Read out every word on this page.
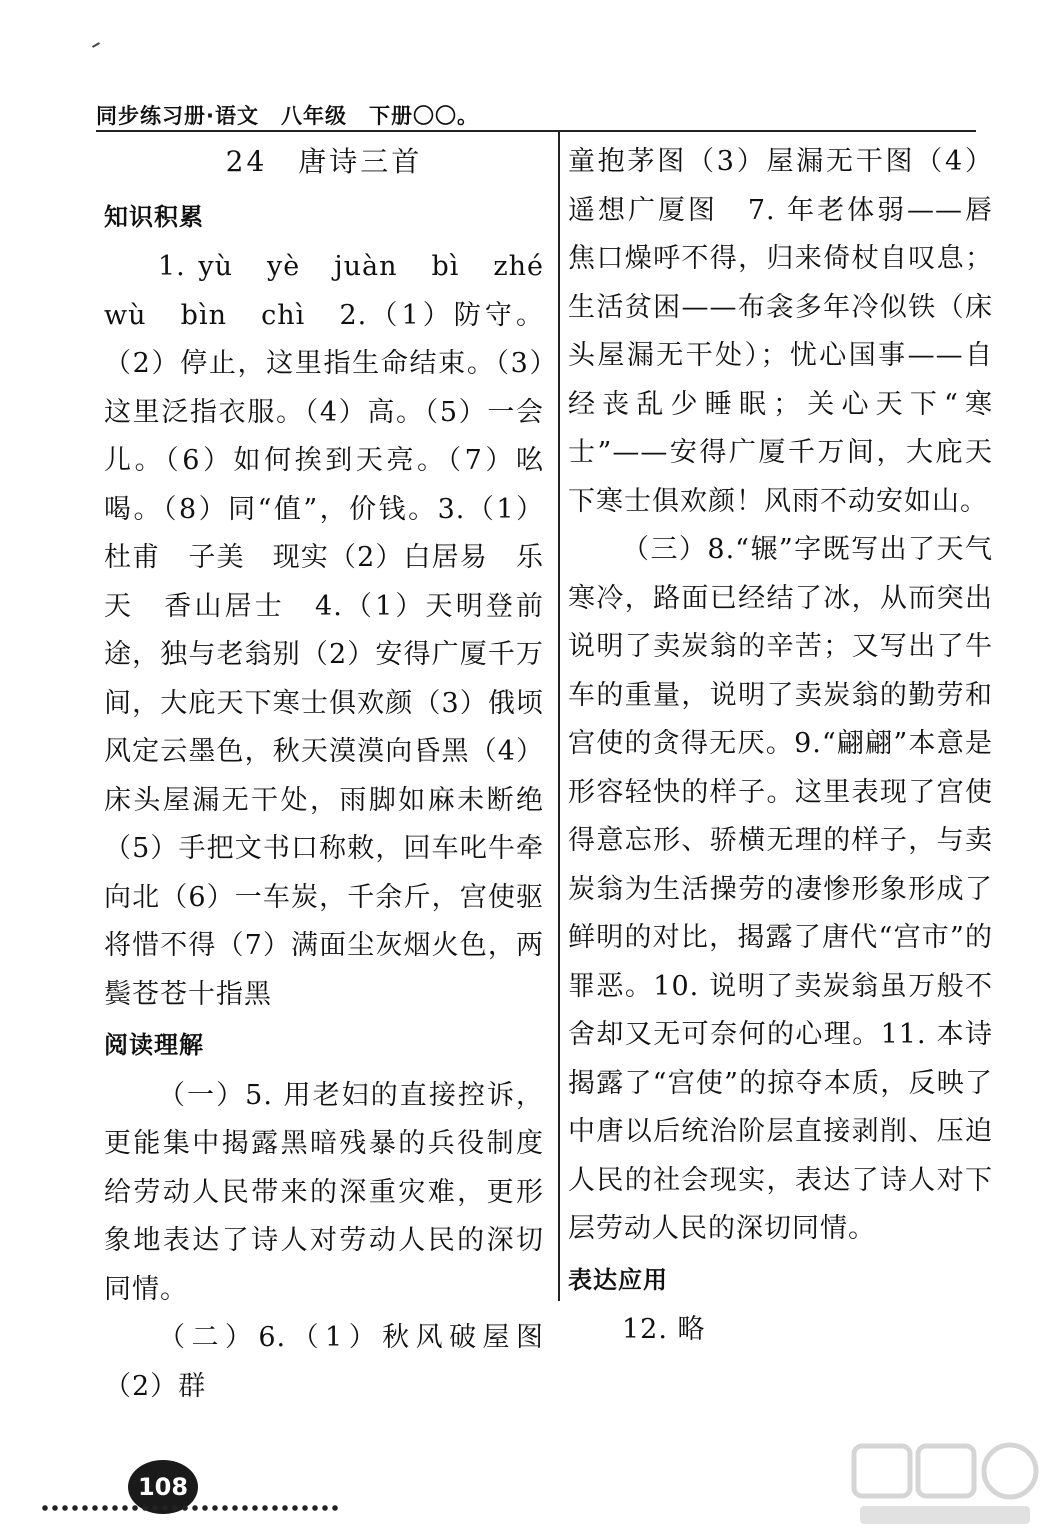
同步练习册·语文　八年级　下册〇〇。
24　唐诗三首
知识积累

1. yù　yè　juàn　bì　zhé　wù　bìn　chì　2.（1）防守。（2）停止，这里指生命结束。（3）这里泛指衣服。（4）高。（5）一会儿。（6）如何挨到天亮。（7）吆喝。（8）同“值”，价钱。3.（1）杜甫　子美　现实（2）白居易　乐天　香山居士　4.（1）天明登前途，独与老翁别（2）安得广厦千万间，大庇天下寒士俱欢颜（3）俄顷风定云墨色，秋天漠漠向昏黑（4）床头屋漏无干处，雨脚如麻未断绝（5）手把文书口称敕，回车叱牛牵向北（6）一车炭，千余斤，宫使驱将惜不得（7）满面尘灰烟火色，两鬓苍苍十指黑

阅读理解

（一）5. 用老妇的直接控诉，更能集中揭露黑暗残暴的兵役制度给劳动人民带来的深重灾难，更形象地表达了诗人对劳动人民的深切同情。

（二）6.（1）秋风破屋图（2）群

童抱茅图（3）屋漏无干图（4）遥想广厦图　7. 年老体弱——唇焦口燥呼不得，归来倚杖自叹息；生活贫困——布衾多年冷似铁（床头屋漏无干处）；忧心国事——自经丧乱少睡眠；关心天下“寒士”——安得广厦千万间，大庇天下寒士俱欢颜！风雨不动安如山。

（三）8.“辗”字既写出了天气寒冷，路面已经结了冰，从而突出说明了卖炭翁的辛苦；又写出了牛车的重量，说明了卖炭翁的勤劳和宫使的贪得无厌。9.“翩翩”本意是形容轻快的样子。这里表现了宫使得意忘形、骄横无理的样子，与卖炭翁为生活操劳的凄惨形象形成了鲜明的对比，揭露了唐代“宫市”的罪恶。10. 说明了卖炭翁虽万般不舍却又无可奈何的心理。11. 本诗揭露了“宫使”的掠夺本质，反映了中唐以后统治阶层直接剥削、压迫人民的社会现实，表达了诗人对下层劳动人民的深切同情。

表达应用

12. 略

108
